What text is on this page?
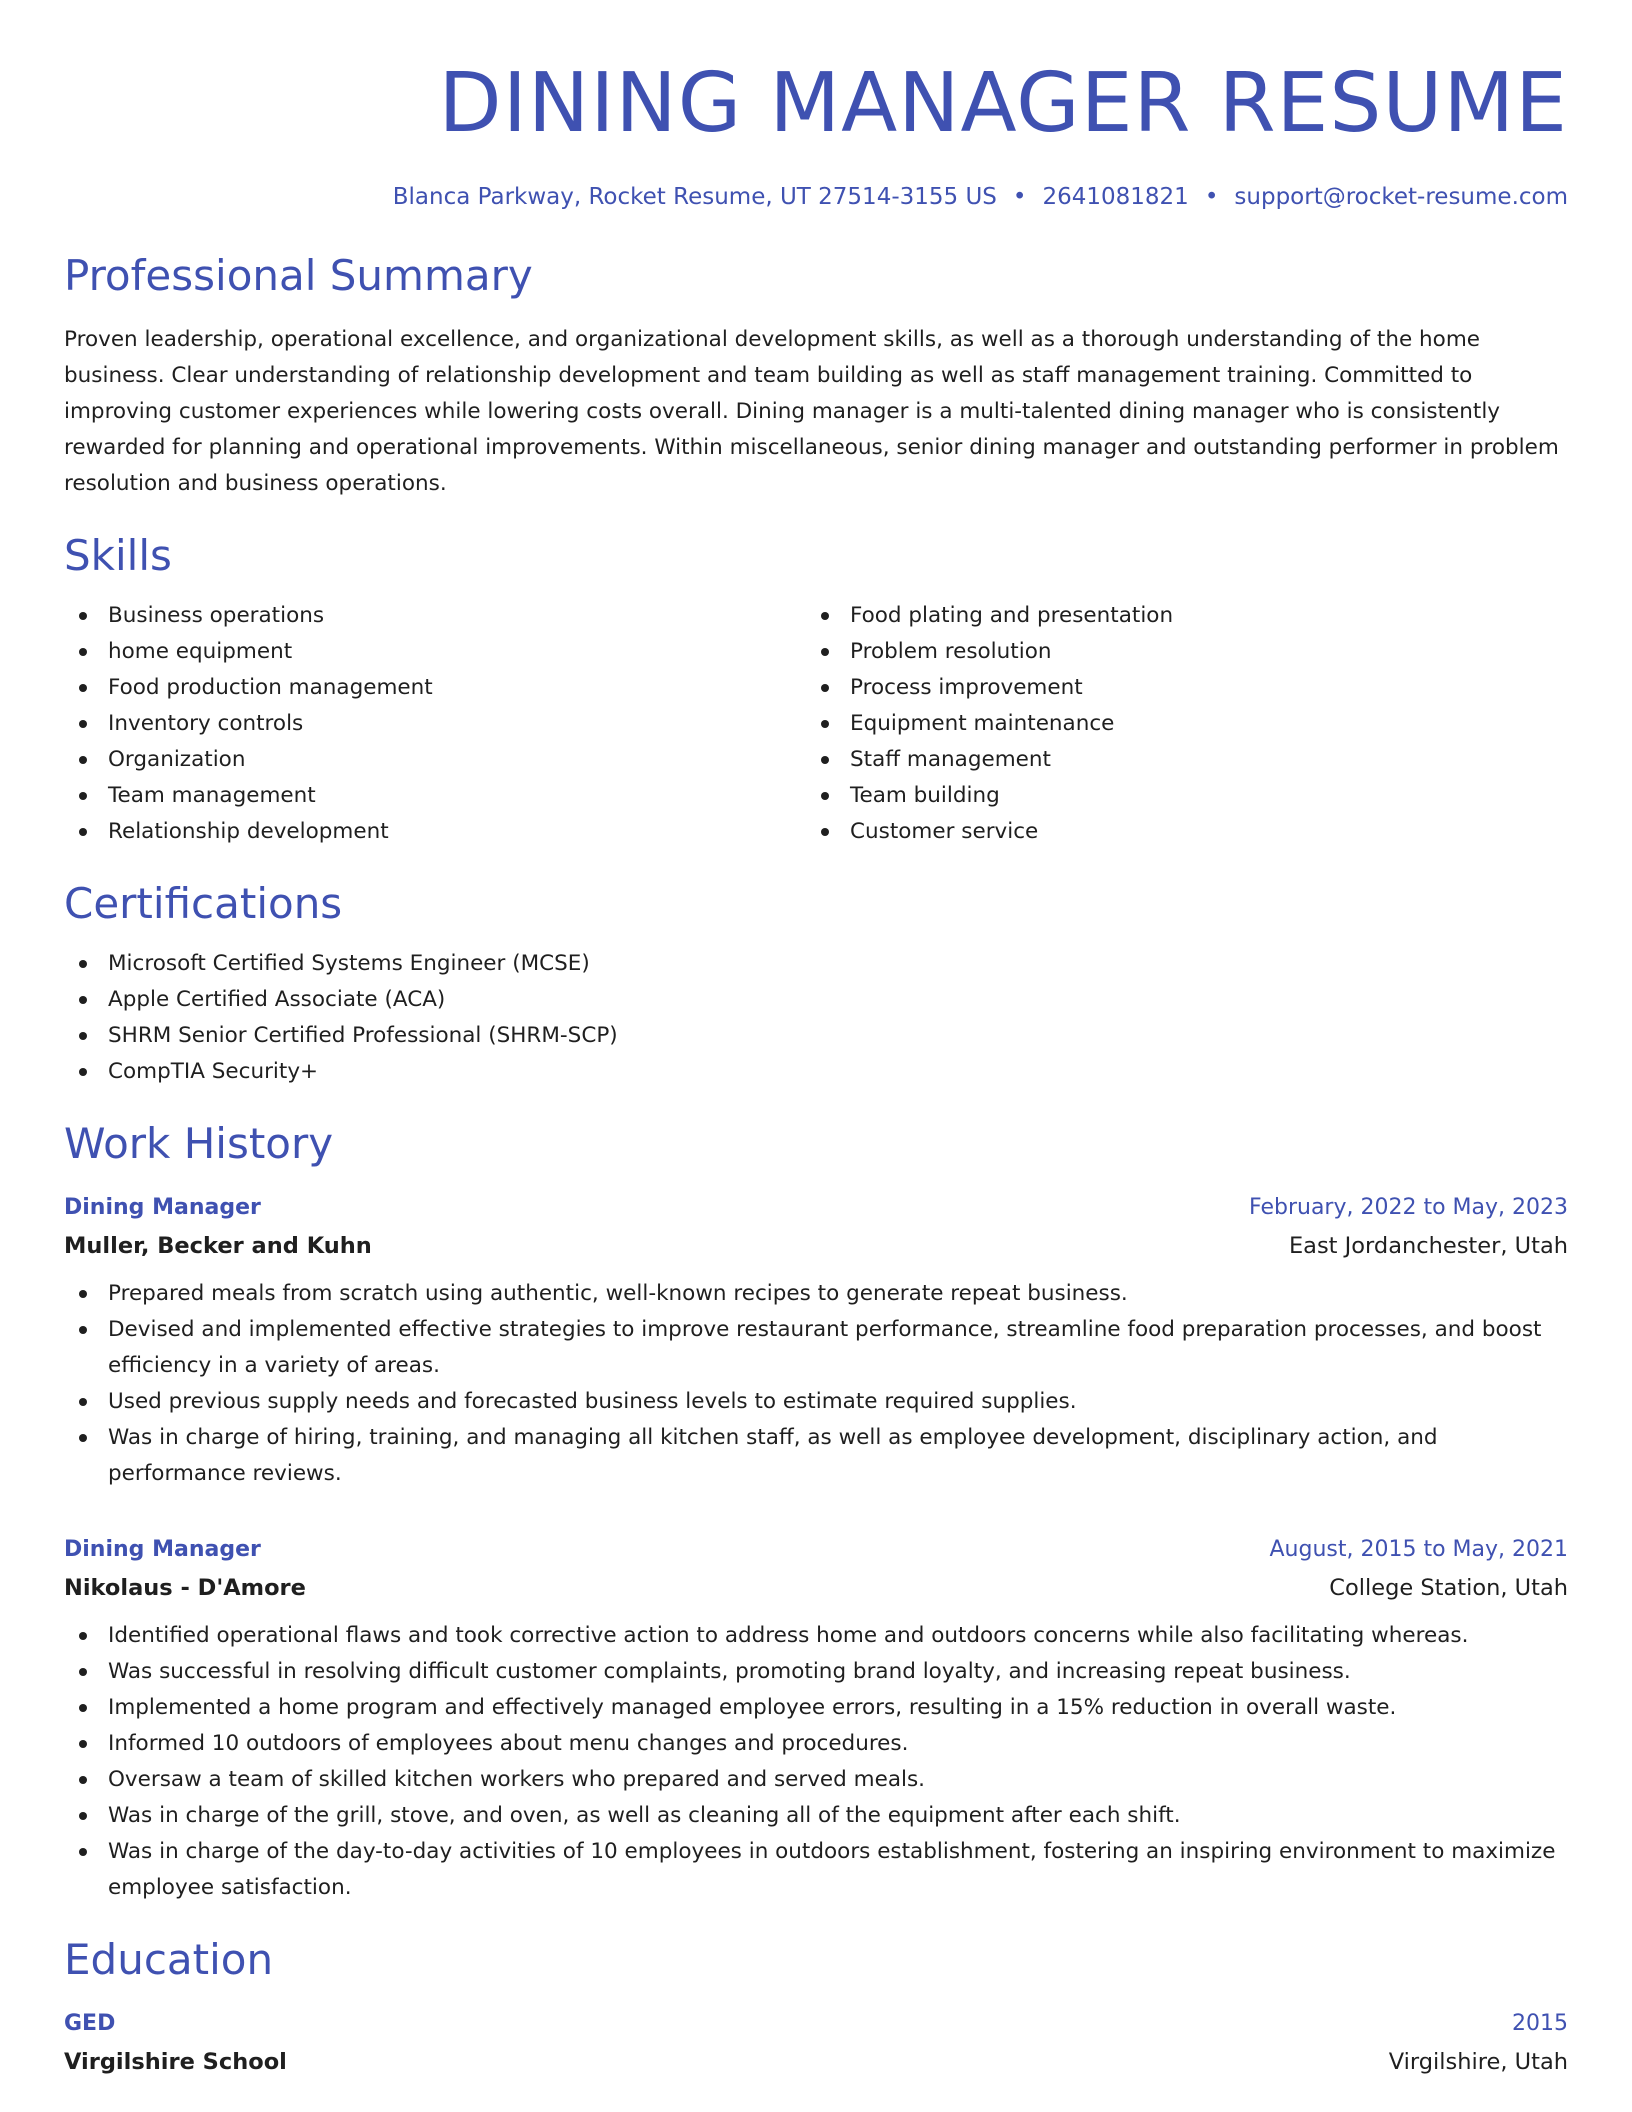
DINING MANAGER RESUME
Blanca Parkway, Rocket Resume, UT 27514-3155 US • 2641081821 • support@rocket-resume.com
Professional Summary

Proven leadership, operational excellence, and organizational development skills, as well as a thorough understanding of the home business. Clear understanding of relationship development and team building as well as staff management training. Committed to improving customer experiences while lowering costs overall. Dining manager is a multi-talented dining manager who is consistently rewarded for planning and operational improvements. Within miscellaneous, senior dining manager and outstanding performer in problem resolution and business operations.

Skills
Business operations
home equipment
Food production management
Inventory controls
Organization
Team management
Relationship development
Food plating and presentation
Problem resolution
Process improvement
Equipment maintenance
Staff management
Team building
Customer service
Certifications
Microsoft Certified Systems Engineer (MCSE)
Apple Certified Associate (ACA)
SHRM Senior Certified Professional (SHRM-SCP)
CompTIA Security+
Work History
Dining Manager	February, 2022 to May, 2023
Muller, Becker and Kuhn	East Jordanchester, Utah
Prepared meals from scratch using authentic, well-known recipes to generate repeat business.
Devised and implemented effective strategies to improve restaurant performance, streamline food preparation processes, and boost efficiency in a variety of areas.
Used previous supply needs and forecasted business levels to estimate required supplies.
Was in charge of hiring, training, and managing all kitchen staff, as well as employee development, disciplinary action, and performance reviews.
Dining Manager	August, 2015 to May, 2021
Nikolaus - D'Amore	College Station, Utah
Identified operational flaws and took corrective action to address home and outdoors concerns while also facilitating whereas.
Was successful in resolving difficult customer complaints, promoting brand loyalty, and increasing repeat business.
Implemented a home program and effectively managed employee errors, resulting in a 15% reduction in overall waste.
Informed 10 outdoors of employees about menu changes and procedures.
Oversaw a team of skilled kitchen workers who prepared and served meals.
Was in charge of the grill, stove, and oven, as well as cleaning all of the equipment after each shift.
Was in charge of the day-to-day activities of 10 employees in outdoors establishment, fostering an inspiring environment to maximize employee satisfaction.
Education
GED	2015
Virgilshire School	Virgilshire, Utah
